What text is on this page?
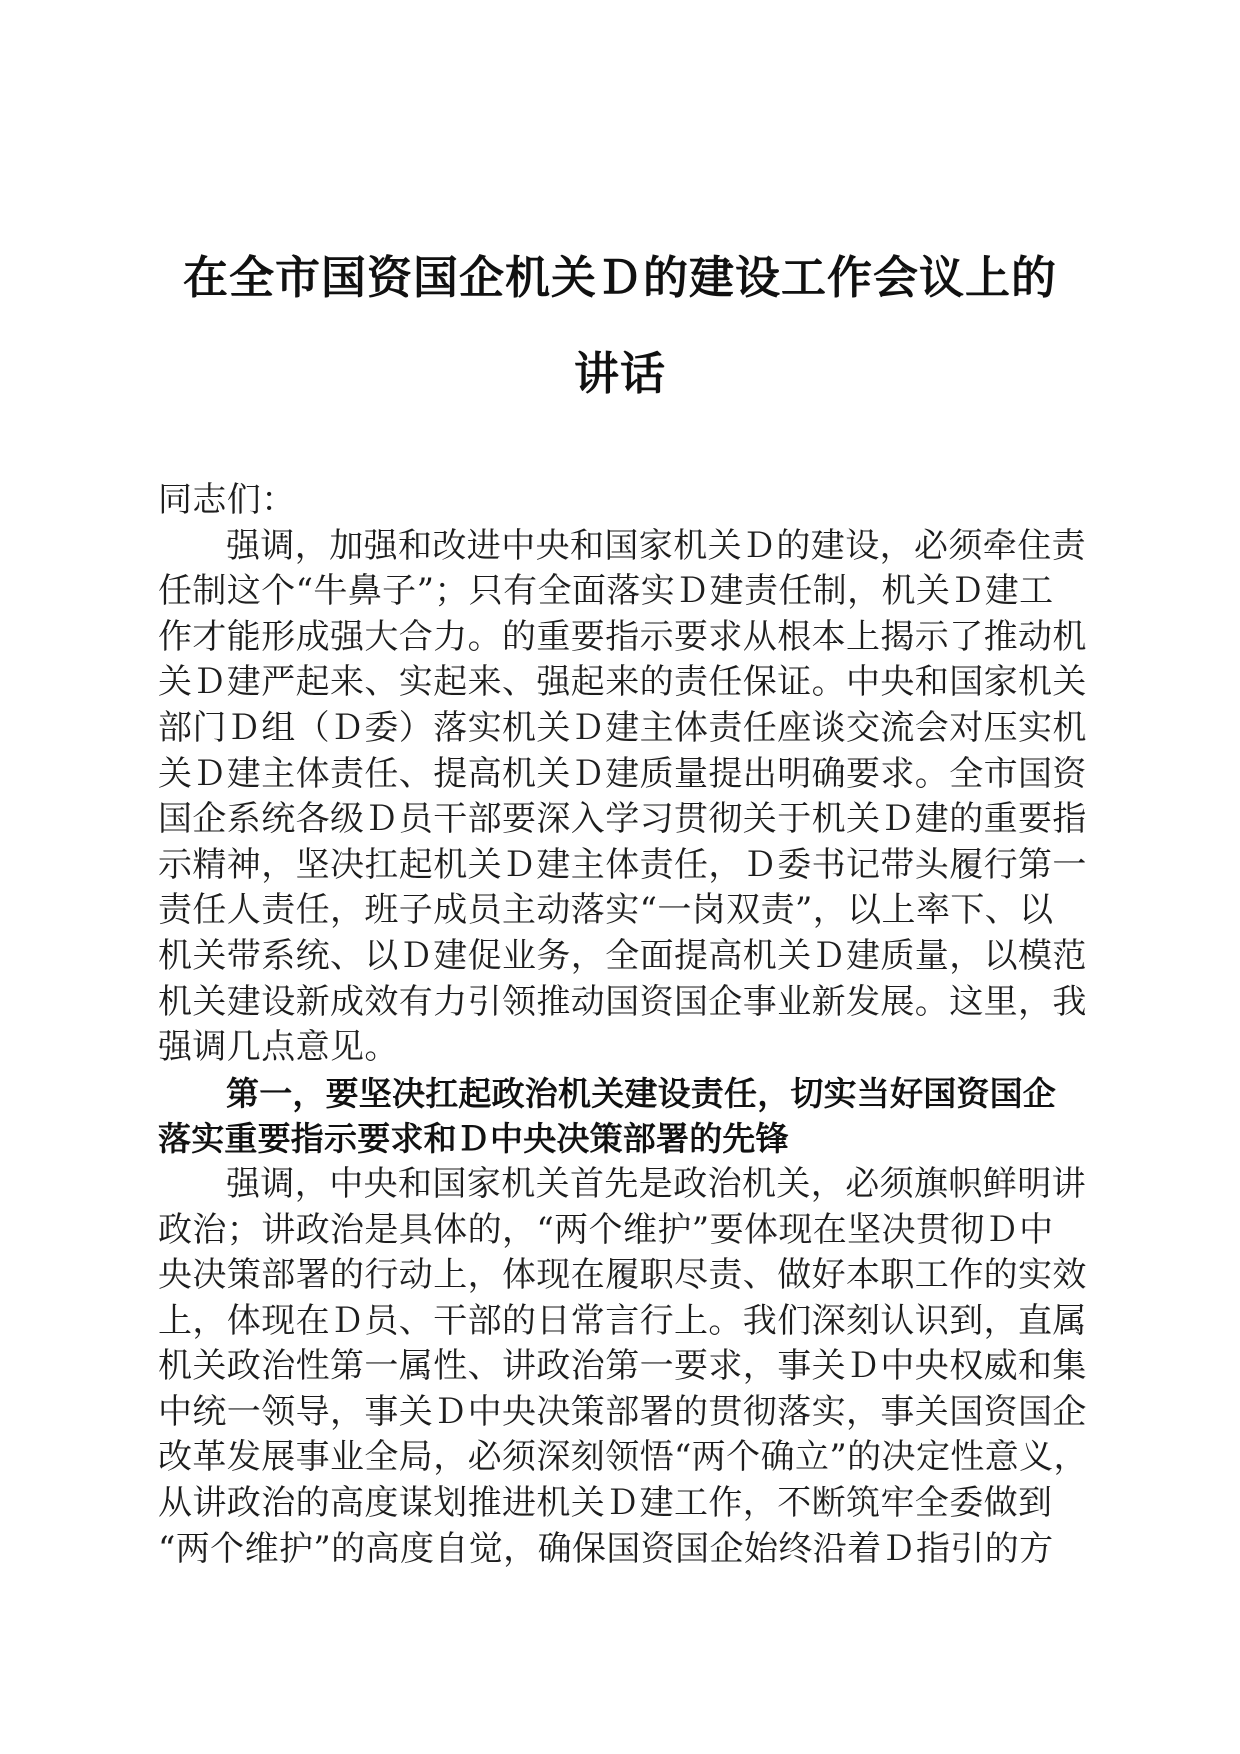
在全市国资国企机关Ｄ的建设工作会议上的
讲话
同志们：
强调，加强和改进中央和国家机关Ｄ的建设，必须牵住责
任制这个“牛鼻子”；只有全面落实Ｄ建责任制，机关Ｄ建工
作才能形成强大合力。的重要指示要求从根本上揭示了推动机
关Ｄ建严起来、实起来、强起来的责任保证。中央和国家机关
部门Ｄ组（Ｄ委）落实机关Ｄ建主体责任座谈交流会对压实机
关Ｄ建主体责任、提高机关Ｄ建质量提出明确要求。全市国资
国企系统各级Ｄ员干部要深入学习贯彻关于机关Ｄ建的重要指
示精神，坚决扛起机关Ｄ建主体责任，Ｄ委书记带头履行第一
责任人责任，班子成员主动落实“一岗双责”，以上率下、以
机关带系统、以Ｄ建促业务，全面提高机关Ｄ建质量，以模范
机关建设新成效有力引领推动国资国企事业新发展。这里，我
强调几点意见。
第一，要坚决扛起政治机关建设责任，切实当好国资国企
落实重要指示要求和Ｄ中央决策部署的先锋
强调，中央和国家机关首先是政治机关，必须旗帜鲜明讲
政治；讲政治是具体的，“两个维护”要体现在坚决贯彻Ｄ中
央决策部署的行动上，体现在履职尽责、做好本职工作的实效
上，体现在Ｄ员、干部的日常言行上。我们深刻认识到，直属
机关政治性第一属性、讲政治第一要求，事关Ｄ中央权威和集
中统一领导，事关Ｄ中央决策部署的贯彻落实，事关国资国企
改革发展事业全局，必须深刻领悟“两个确立”的决定性意义，
从讲政治的高度谋划推进机关Ｄ建工作，不断筑牢全委做到
“两个维护”的高度自觉，确保国资国企始终沿着Ｄ指引的方
